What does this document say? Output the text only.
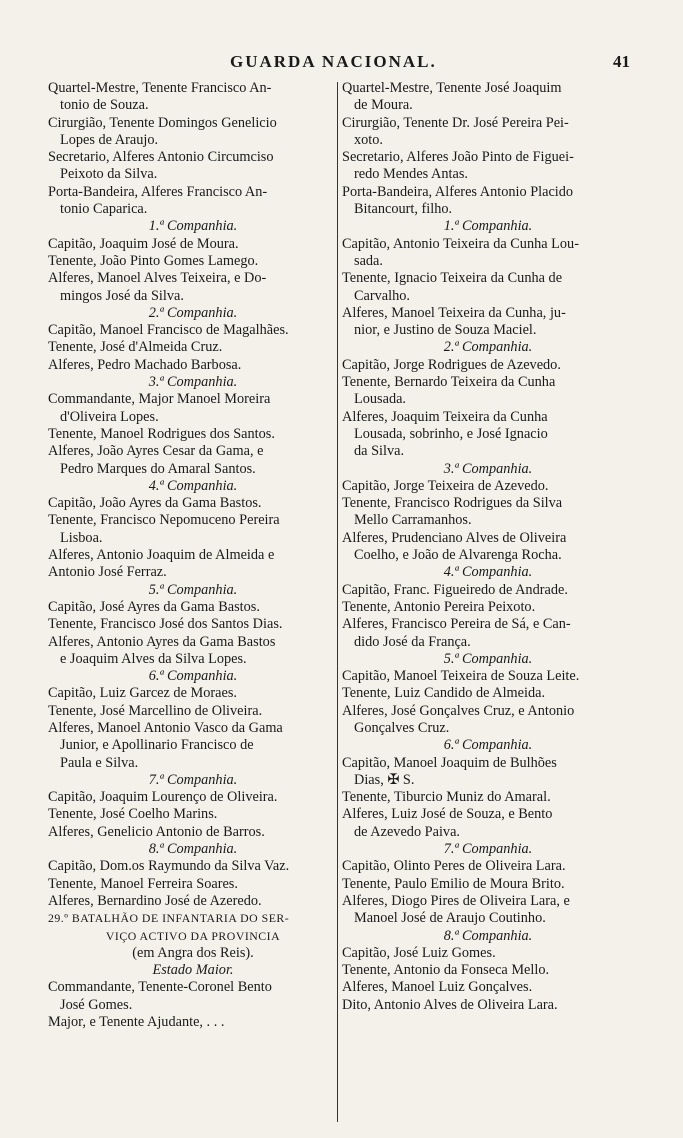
GUARDA NACIONAL.	41
Quartel-Mestre, Tenente Francisco An-
tonio de Souza.
Cirurgião, Tenente Domingos Genelicio
Lopes de Araujo.
Secretario, Alferes Antonio Circumciso
Peixoto da Silva.
Porta-Bandeira, Alferes Francisco An-
tonio Caparica.
1.ª Companhia.
Capitão, Joaquim José de Moura.
Tenente, João Pinto Gomes Lamego.
Alferes, Manoel Alves Teixeira, e Do-
mingos José da Silva.
2.ª Companhia.
Capitão, Manoel Francisco de Magalhães.
Tenente, José d'Almeida Cruz.
Alferes, Pedro Machado Barbosa.
3.ª Companhia.
Commandante, Major Manoel Moreira
d'Oliveira Lopes.
Tenente, Manoel Rodrigues dos Santos.
Alferes, João Ayres Cesar da Gama, e
Pedro Marques do Amaral Santos.
4.ª Companhia.
Capitão, João Ayres da Gama Bastos.
Tenente, Francisco Nepomuceno Pereira
Lisboa.
Alferes, Antonio Joaquim de Almeida e
Antonio José Ferraz.
5.ª Companhia.
Capitão, José Ayres da Gama Bastos.
Tenente, Francisco José dos Santos Dias.
Alferes, Antonio Ayres da Gama Bastos
e Joaquim Alves da Silva Lopes.
6.ª Companhia.
Capitão, Luiz Garcez de Moraes.
Tenente, José Marcellino de Oliveira.
Alferes, Manoel Antonio Vasco da Gama
Junior, e Apollinario Francisco de
Paula e Silva.
7.ª Companhia.
Capitão, Joaquim Lourenço de Oliveira.
Tenente, José Coelho Marins.
Alferes, Genelicio Antonio de Barros.
8.ª Companhia.
Capitão, Dom.os Raymundo da Silva Vaz.
Tenente, Manoel Ferreira Soares.
Alferes, Bernardino José de Azeredo.
29.º BATALHÃO DE INFANTARIA DO SER-
VIÇO ACTIVO DA PROVINCIA
(em Angra dos Reis).
Estado Maior.
Commandante, Tenente-Coronel Bento
José Gomes.
Major, e Tenente Ajudante, . . .
Quartel-Mestre, Tenente José Joaquim
de Moura.
Cirurgião, Tenente Dr. José Pereira Pei-
xoto.
Secretario, Alferes João Pinto de Figuei-
redo Mendes Antas.
Porta-Bandeira, Alferes Antonio Placido
Bitancourt, filho.
1.ª Companhia.
Capitão, Antonio Teixeira da Cunha Lou-
sada.
Tenente, Ignacio Teixeira da Cunha de
Carvalho.
Alferes, Manoel Teixeira da Cunha, ju-
nior, e Justino de Souza Maciel.
2.ª Companhia.
Capitão, Jorge Rodrigues de Azevedo.
Tenente, Bernardo Teixeira da Cunha
Lousada.
Alferes, Joaquim Teixeira da Cunha
Lousada, sobrinho, e José Ignacio
da Silva.
3.ª Companhia.
Capitão, Jorge Teixeira de Azevedo.
Tenente, Francisco Rodrigues da Silva
Mello Carramanhos.
Alferes, Prudenciano Alves de Oliveira
Coelho, e João de Alvarenga Rocha.
4.ª Companhia.
Capitão, Franc. Figueiredo de Andrade.
Tenente, Antonio Pereira Peixoto.
Alferes, Francisco Pereira de Sá, e Can-
dido José da França.
5.ª Companhia.
Capitão, Manoel Teixeira de Souza Leite.
Tenente, Luiz Candido de Almeida.
Alferes, José Gonçalves Cruz, e Antonio
Gonçalves Cruz.
6.ª Companhia.
Capitão, Manoel Joaquim de Bulhões
Dias, ✠ S.
Tenente, Tiburcio Muniz do Amaral.
Alferes, Luiz José de Souza, e Bento
de Azevedo Paiva.
7.ª Companhia.
Capitão, Olinto Peres de Oliveira Lara.
Tenente, Paulo Emilio de Moura Brito.
Alferes, Diogo Pires de Oliveira Lara, e
Manoel José de Araujo Coutinho.
8.ª Companhia.
Capitão, José Luiz Gomes.
Tenente, Antonio da Fonseca Mello.
Alferes, Manoel Luiz Gonçalves.
Dito, Antonio Alves de Oliveira Lara.
